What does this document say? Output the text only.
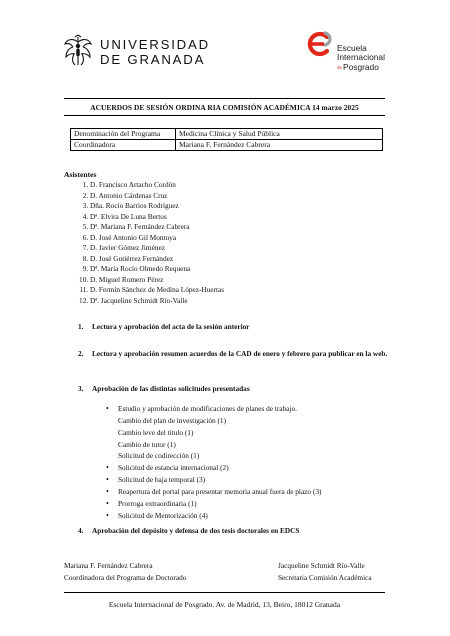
UNIVERSIDAD
DE GRANADA
Escuela
Internacional
dePosgrado
ACUERDOS DE SESIÓN ORDINA RIA COMISIÓN ACADÉMICA 14 marzo 2025
Denominación del Programa	Medicina Clínica y Salud Pública
Coordinadora	Mariana F. Fernández Cabrera
Asistentes
1. D. Francisco Artacho Cordón
2. D. Antonio Cárdenas Cruz
3. Dña. Rocío Barrios Rodríguez
4. Dª. Elvira De Luna Bertos
5. Dª. Mariana F. Fernández Cabrera
6. D. José Antonio Gil Montoya
7. D. Javier Gómez Jiménez
8. D. José Gutiérrez Fernández
9. Dª. María Rocío Olmedo Requena
10. D. Miguel Romero Pérez
11. D. Fermín Sánchez de Medina López-Huertas
12. Dª. Jacqueline Schmidt Río-Valle
1. Lectura y aprobación del acta de la sesión anterior
2. Lectura y aprobación resumen acuerdos de la CAD de enero y febrero para publicar en la web.
3. Aprobación de las distintas solicitudes presentadas
• Estudio y aprobación de modificaciones de planes de trabajo.
Cambio del plan de investigación (1)
Cambio leve del título (1)
Cambio de tutor (1)
Solicitud de codirección (1)
• Solicitud de estancia internacional (2)
• Solicitud de baja temporal (3)
• Reapertura del portal para presentar memoria anual fuera de plazo (3)
• Prorroga extraordinaria (1)
• Solicitud de Mentorización (4)
4. Aprobación del depósito y defensa de dos tesis doctorales en EDCS
Mariana F. Fernández Cabrera
Coordinadora del Programa de Doctorado
Jacqueline Schmidt Río-Valle
Secretaria Comisión Académica
Escuela Internacional de Posgrado. Av. de Madrid, 13, Beiro, 18012 Granada
